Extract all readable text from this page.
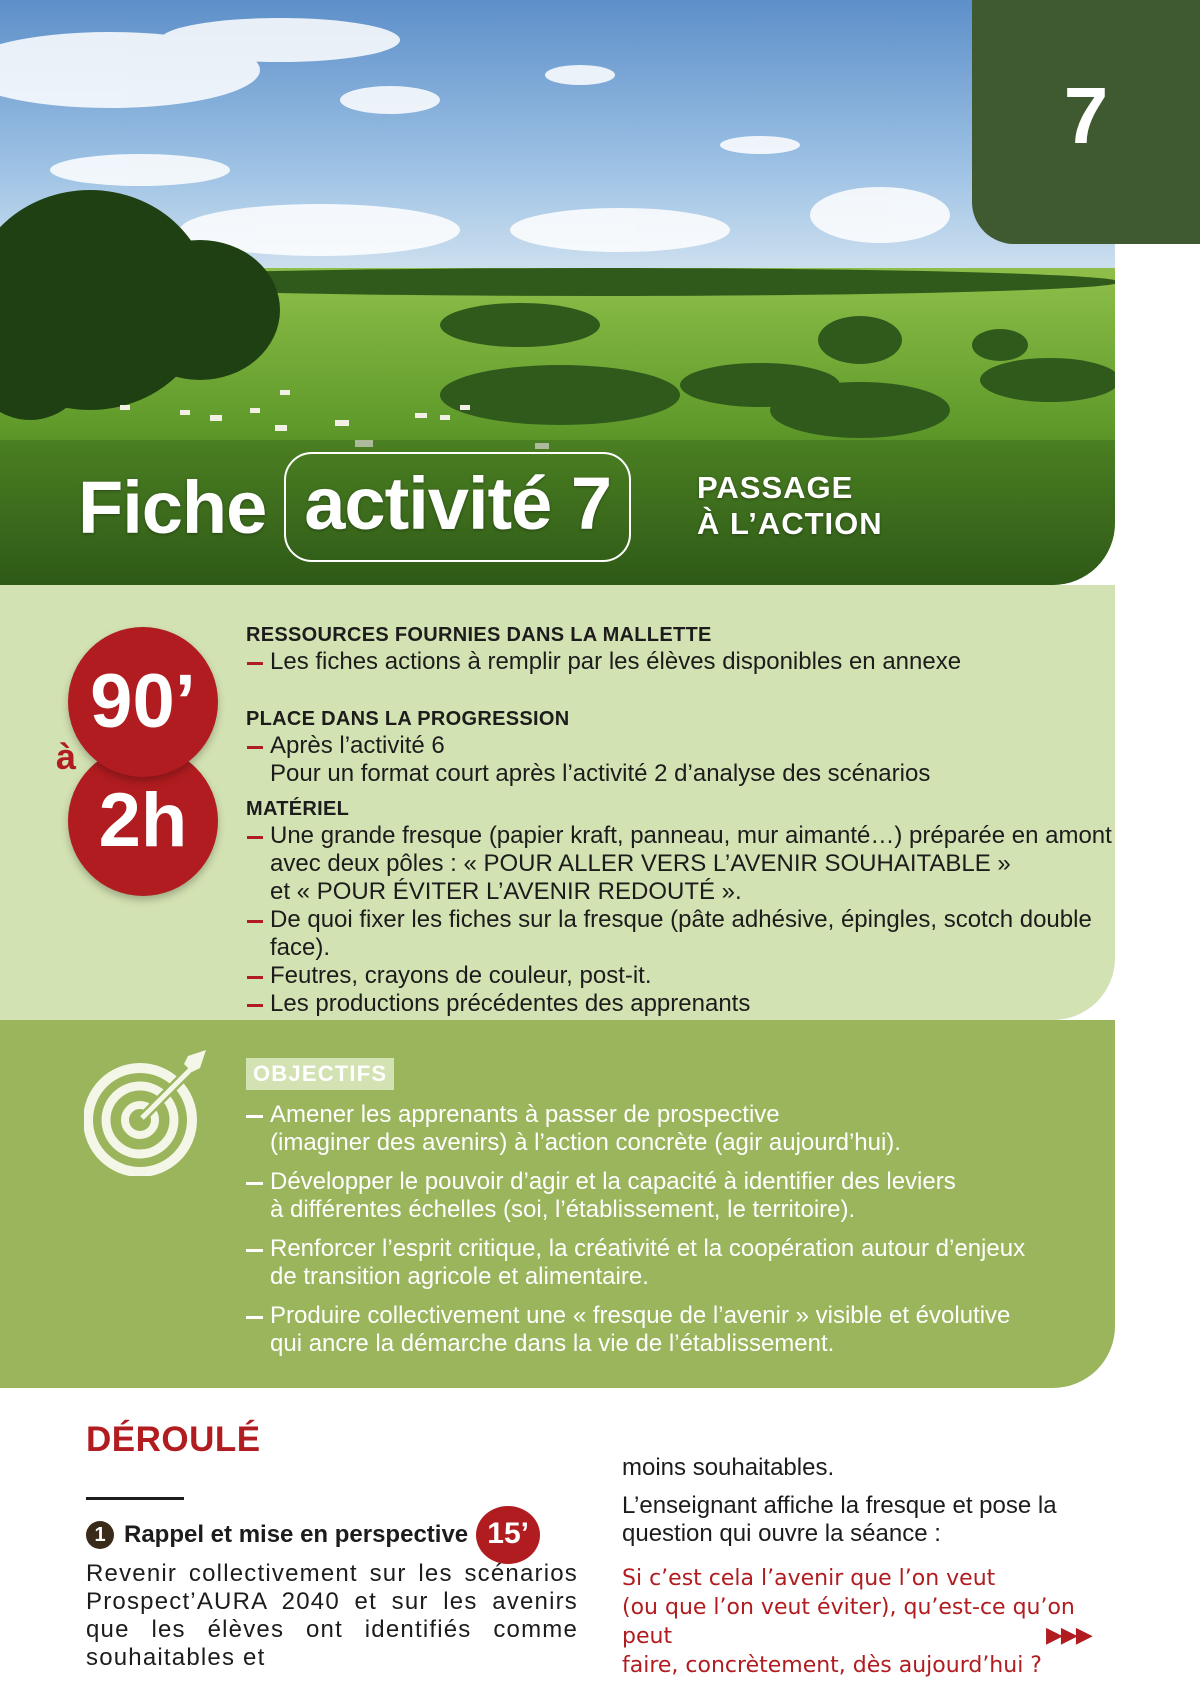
Fiche activité 7	PASSAGE
À L’ACTION
7
2h
90’
à

RESSOURCES FOURNIES DANS LA MALLETTE

Les fiches actions à remplir par les élèves disponibles en annexe

PLACE DANS LA PROGRESSION

Après l’activité 6

Pour un format court après l’activité 2 d’analyse des scénarios

MATÉRIEL

Une grande fresque (papier kraft, panneau, mur aimanté…) préparée en amont

avec deux pôles : « POUR ALLER VERS L’AVENIR SOUHAITABLE »

et « POUR ÉVITER L’AVENIR REDOUTÉ ».

De quoi fixer les fiches sur la fresque (pâte adhésive, épingles, scotch double face).

Feutres, crayons de couleur, post-it.

Les productions précédentes des apprenants

OBJECTIFS
Amener les apprenants à passer de prospective
(imaginer des avenirs) à l’action concrète (agir aujourd’hui).
Développer le pouvoir d’agir et la capacité à identifier des leviers
à différentes échelles (soi, l’établissement, le territoire).
Renforcer l’esprit critique, la créativité et la coopération autour d’enjeux
de transition agricole et alimentaire.
Produire collectivement une « fresque de l’avenir » visible et évolutive
qui ancre la démarche dans la vie de l’établissement.
DÉROULÉ
1 Rappel et mise en perspective 15’
Revenir collectivement sur les scénarios Prospect’AURA 2040 et sur les avenirs que les élèves ont identifiés comme souhaitables et

moins souhaitables.

L’enseignant affiche la fresque et pose la question qui ouvre la séance :

Si c’est cela l’avenir que l’on veut
(ou que l’on veut éviter), qu’est-ce qu’on peut
faire, concrètement, dès aujourd’hui ?
▶▶▶
